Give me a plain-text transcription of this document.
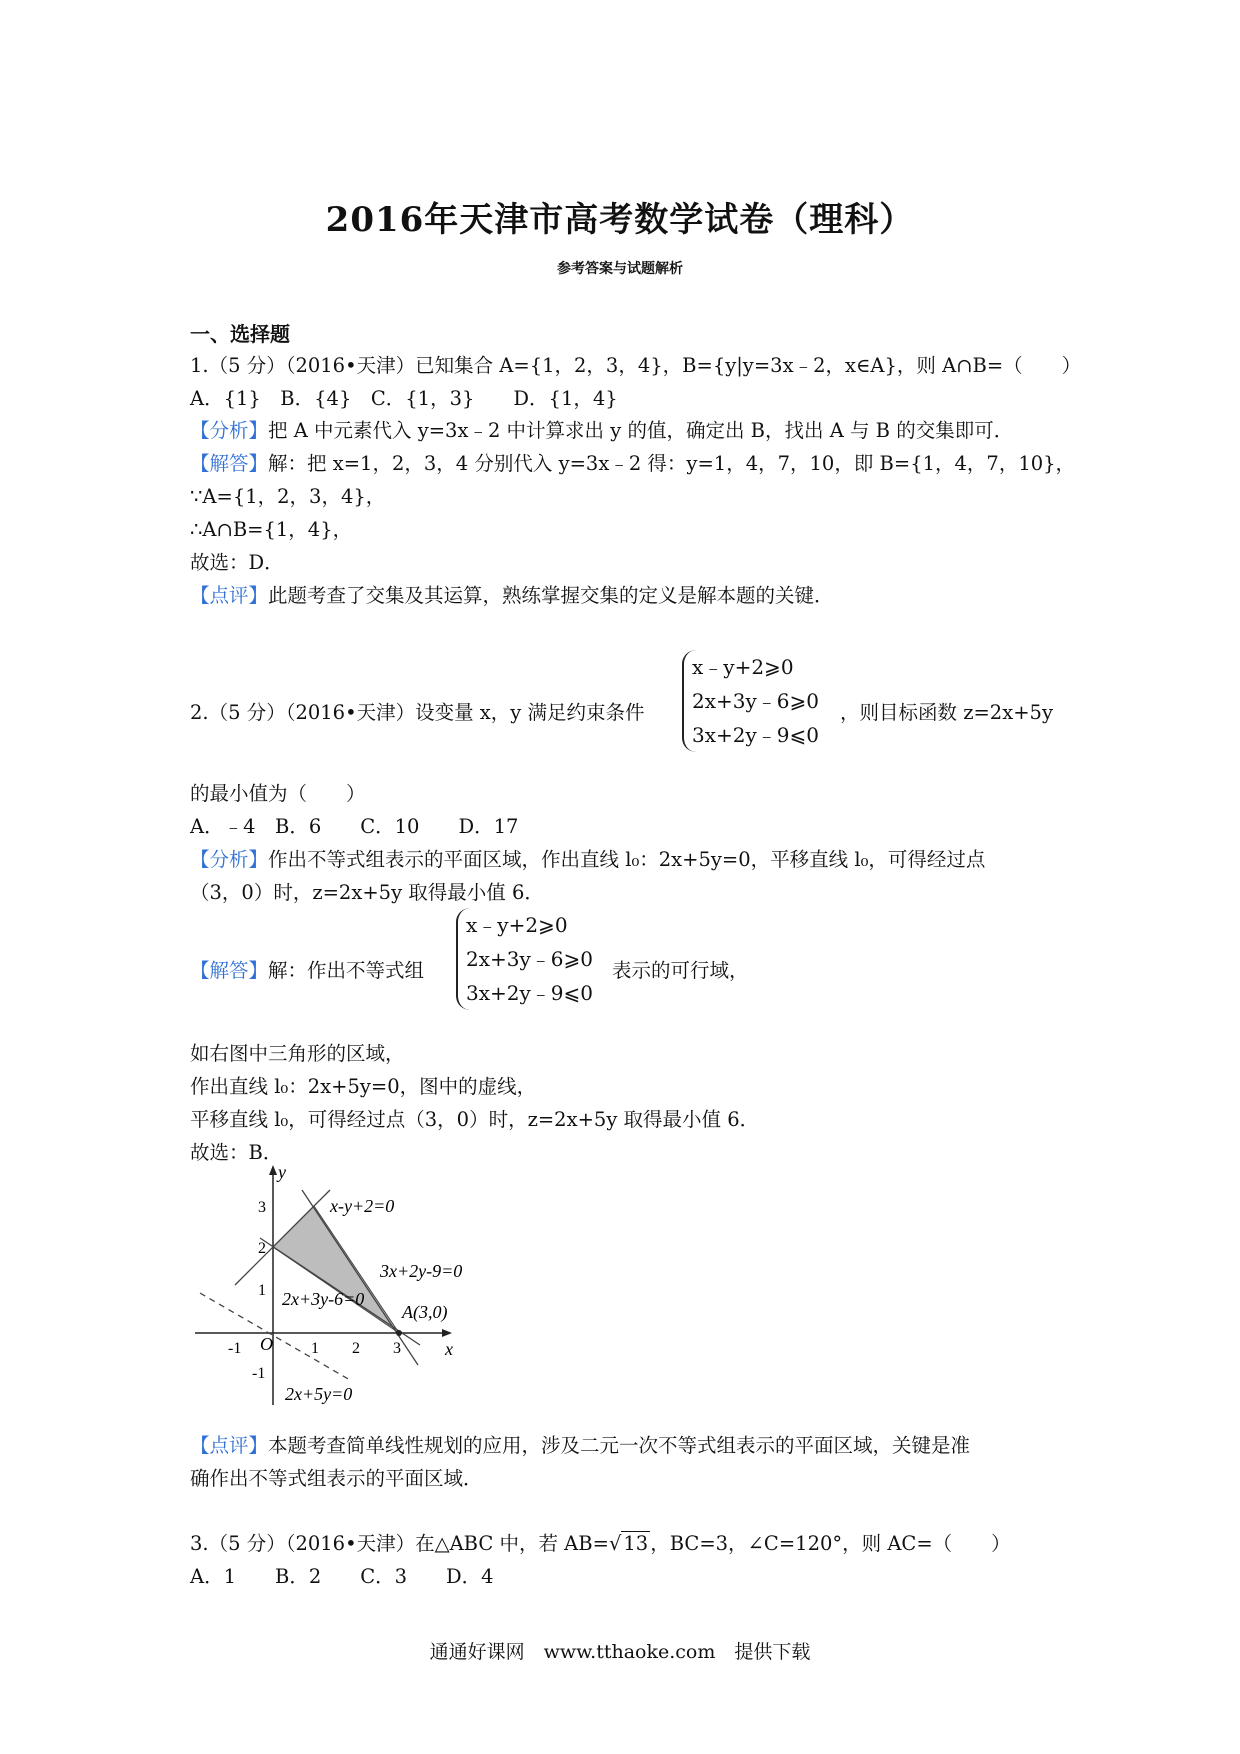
2016年天津市高考数学试卷（理科）
参考答案与试题解析
一、选择题
1.（5 分）（2016•天津）已知集合 A={1，2，3，4}，B={y|y=3x﹣2，x∈A}，则 A∩B=（　　）
A．{1}　B．{4}　C．{1，3}　　D．{1，4}
【分析】把 A 中元素代入 y=3x﹣2 中计算求出 y 的值，确定出 B，找出 A 与 B 的交集即可．
【解答】解：把 x=1，2，3，4 分别代入 y=3x﹣2 得：y=1，4，7，10，即 B={1，4，7，10}，
∵A={1，2，3，4}，
∴A∩B={1，4}，
故选：D．
【点评】此题考查了交集及其运算，熟练掌握交集的定义是解本题的关键．
2.（5 分）（2016•天津）设变量 x，y 满足约束条件
x﹣y+2⩾0
2x+3y﹣6⩾0
3x+2y﹣9⩽0
，则目标函数 z=2x+5y
的最小值为（　　）
A．﹣4　B．6　　C．10　　D．17
【分析】作出不等式组表示的平面区域，作出直线 l₀：2x+5y=0，平移直线 l₀，可得经过点
（3，0）时，z=2x+5y 取得最小值 6．
【解答】解：作出不等式组
x﹣y+2⩾0
2x+3y﹣6⩾0
3x+2y﹣9⩽0
表示的可行域，
如右图中三角形的区域，
作出直线 l₀：2x+5y=0，图中的虚线，
平移直线 l₀，可得经过点（3，0）时，z=2x+5y 取得最小值 6．
故选：B．
y
x
O
x-y+2=0
3x+2y-9=0
2x+3y-6=0
A(3,0)
2x+5y=0
-1	1 2 3
3
2
1
-1
【点评】本题考查简单线性规划的应用，涉及二元一次不等式组表示的平面区域，关键是准
确作出不等式组表示的平面区域．
3.（5 分）（2016•天津）在△ABC 中，若 AB=√ 13 ，BC=3，∠C=120°，则 AC=（　　）
A．1　　B．2　　C．3　　D．4
通通好课网　www.tthaoke.com　提供下载
